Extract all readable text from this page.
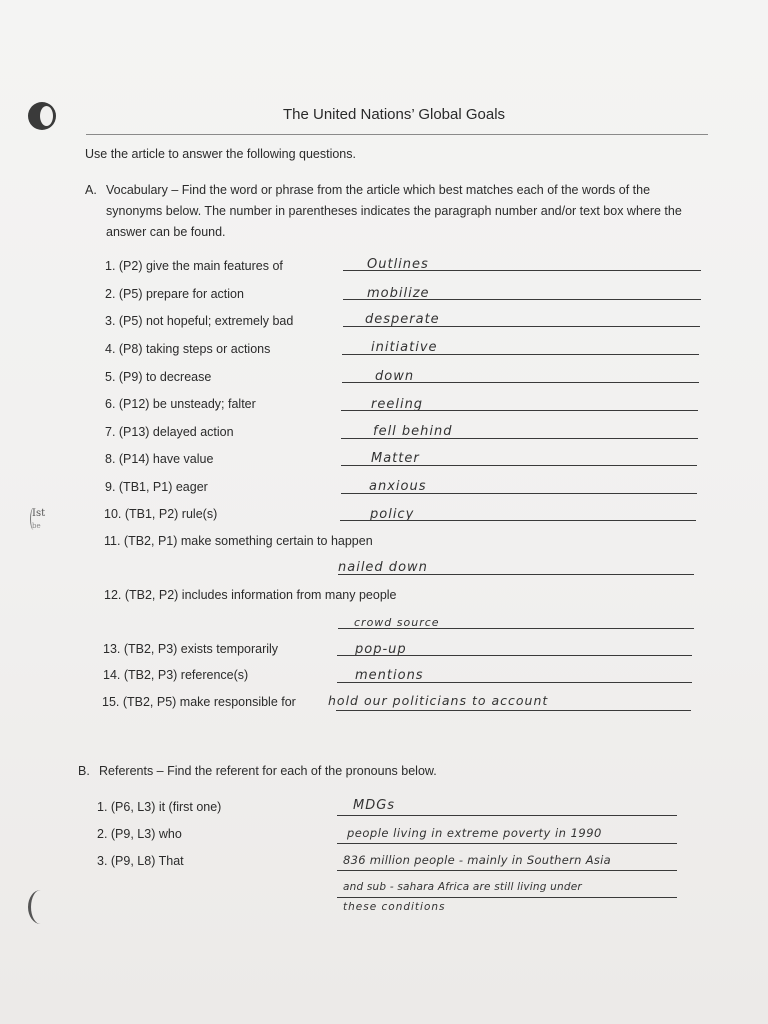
The United Nations’ Global Goals
Use the article to answer the following questions.
A. Vocabulary – Find the word or phrase from the article which best matches each of the words of the synonyms below. The number in parentheses indicates the paragraph number and/or text box where the answer can be found.
1. (P2) give the main features of	Outlines
2. (P5) prepare for action	mobilize
3. (P5) not hopeful; extremely bad	desperate
4. (P8) taking steps or actions	initiative
5. (P9) to decrease	down
6. (P12) be unsteady; falter	reeling
7. (P13) delayed action	fell behind
8. (P14) have value	Matter
9. (TB1, P1) eager	anxious
10. (TB1, P2) rule(s)	policy
11. (TB2, P1) make something certain to happen
nailed down
12. (TB2, P2) includes information from many people
crowd source
13. (TB2, P3) exists temporarily	pop-up
14. (TB2, P3) reference(s)	mentions
15. (TB2, P5) make responsible for	hold our politicians to account
Ist
be
B. Referents – Find the referent for each of the pronouns below.
1. (P6, L3) it (first one)	MDGs
2. (P9, L3) who	people living in extreme poverty in 1990
3. (P9, L8) That	836 million people - mainly in Southern Asia
and sub - sahara Africa are still living under
these conditions
